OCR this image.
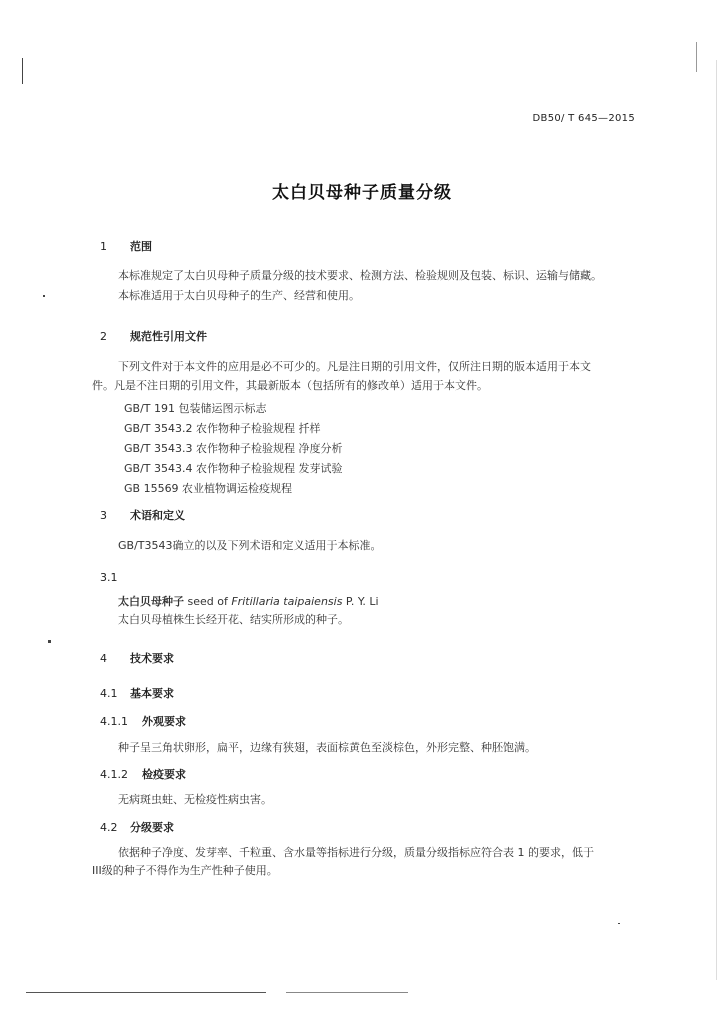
DB50/ T 645—2015
太白贝母种子质量分级
1 范围
本标准规定了太白贝母种子质量分级的技术要求、检测方法、检验规则及包装、标识、运输与储藏。
本标准适用于太白贝母种子的生产、经营和使用。
2 规范性引用文件
下列文件对于本文件的应用是必不可少的。凡是注日期的引用文件，仅所注日期的版本适用于本文
件。凡是不注日期的引用文件，其最新版本（包括所有的修改单）适用于本文件。
GB/T 191 包装储运图示标志
GB/T 3543.2 农作物种子检验规程 扦样
GB/T 3543.3 农作物种子检验规程 净度分析
GB/T 3543.4 农作物种子检验规程 发芽试验
GB 15569 农业植物调运检疫规程
3 术语和定义
GB/T3543确立的以及下列术语和定义适用于本标准。
3.1
太白贝母种子 seed of Fritillaria taipaiensis P. Y. Li
太白贝母植株生长经开花、结实所形成的种子。
4 技术要求
4.1 基本要求
4.1.1 外观要求
种子呈三角状卵形，扁平，边缘有狭翅，表面棕黄色至淡棕色，外形完整、种胚饱满。
4.1.2 检疫要求
无病斑虫蛀、无检疫性病虫害。
4.2 分级要求
依据种子净度、发芽率、千粒重、含水量等指标进行分级，质量分级指标应符合表 1 的要求，低于
III级的种子不得作为生产性种子使用。
